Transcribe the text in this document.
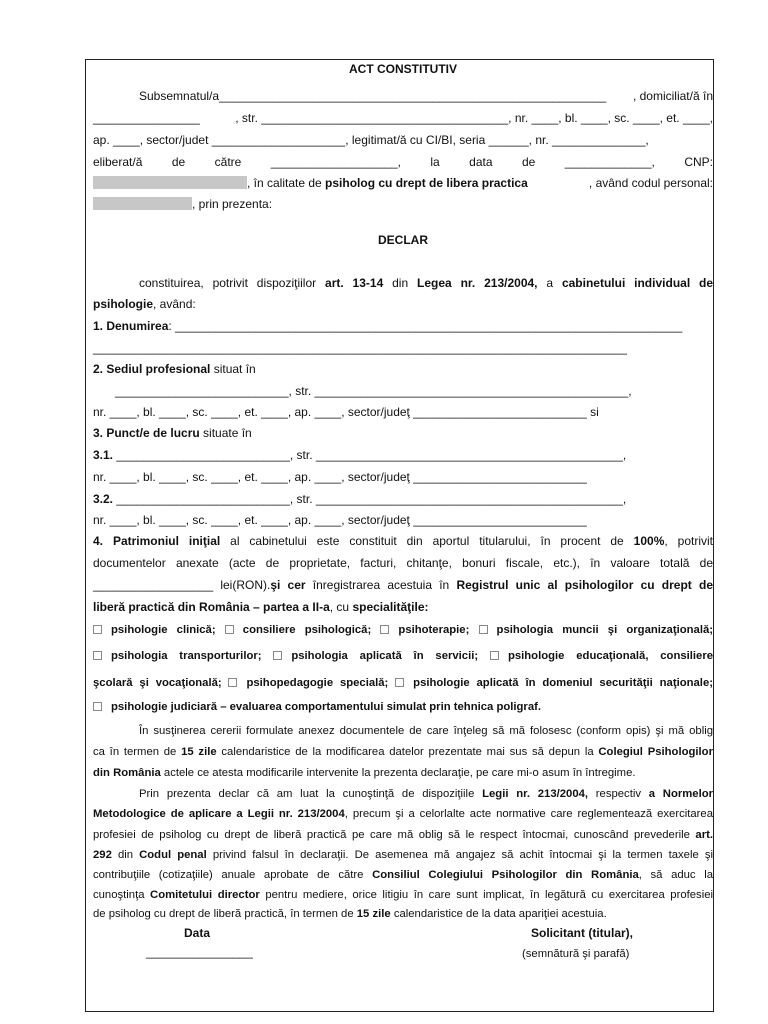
ACT CONSTITUTIV
Subsemnatul/a__________________________________________________________ , domiciliat/ă în
________________	, str. _____________________________________, nr. ____, bl. ____, sc. ____, et. ____,
ap. ____, sector/judet ____________________, legitimat/ă cu CI/BI, seria ______, nr. ______________,
eliberat/ă de către ___________________, la data de _____________, CNP:
, în calitate de psiholog cu drept de libera practica	, având codul personal:
, prin prezenta:
DECLAR
constituirea, potrivit dispoziţiilor art. 13-14 din Legea nr. 213/2004, a cabinetului individual de
psihologie, având:
1. Denumirea: ____________________________________________________________________________
________________________________________________________________________________
2. Sediul profesional situat în
__________________________, str. _______________________________________________,
nr. ____, bl. ____, sc. ____, et. ____, ap. ____, sector/judeţ __________________________ si
3. Punct/e de lucru situate în
3.1. __________________________, str. ______________________________________________,
nr. ____, bl. ____, sc. ____, et. ____, ap. ____, sector/judeţ __________________________
3.2. __________________________, str. ______________________________________________,
nr. ____, bl. ____, sc. ____, et. ____, ap. ____, sector/judeţ __________________________
4. Patrimoniul iniţial al cabinetului este constituit din aportul titularului, în procent de 100%, potrivit
documentelor anexate (acte de proprietate, facturi, chitanţe, bonuri fiscale, etc.), în valoare totală de
__________________ lei(RON).şi cer înregistrarea acestuia în Registrul unic al psihologilor cu drept de
liberă practică din România – partea a II-a, cu specialităţile:
psihologie clinică; consiliere psihologică; psihoterapie; psihologia muncii şi organizaţională;
psihologia transporturilor;	psihologia aplicată în servicii;	psihologie educaţională, consiliere
şcolară şi vocaţională; psihopedagogie specială; psihologie aplicată în domeniul securităţii naţionale;
psihologie judiciară – evaluarea comportamentului simulat prin tehnica poligraf.
În susţinerea cererii formulate anexez documentele de care înţeleg să mă folosesc (conform opis) şi mă oblig
ca în termen de 15 zile calendaristice de la modificarea datelor prezentate mai sus să depun la Colegiul Psihologilor
din România actele ce atesta modificarile intervenite la prezenta declaraţie, pe care mi-o asum în întregime.
Prin prezenta declar că am luat la cunoştinţă de dispoziţiile Legii nr. 213/2004, respectiv a Normelor
Metodologice de aplicare a Legii nr. 213/2004, precum şi a celorlalte acte normative care reglementează exercitarea
profesiei de psiholog cu drept de liberă practică pe care mă oblig să le respect întocmai, cunoscând prevederile art.
292 din Codul penal privind falsul în declaraţii. De asemenea mă angajez să achit întocmai şi la termen taxele şi
contribuţiile (cotizaţiile) anuale aprobate de către Consiliul Colegiului Psihologilor din România, să aduc la
cunoştinţa Comitetului director pentru mediere, orice litigiu în care sunt implicat, în legătură cu exercitarea profesiei
de psiholog cu drept de liberă practică, în termen de 15 zile calendaristice de la data apariţiei acestuia.
Data
________________
Solicitant (titular),
(semnătură şi parafă)
